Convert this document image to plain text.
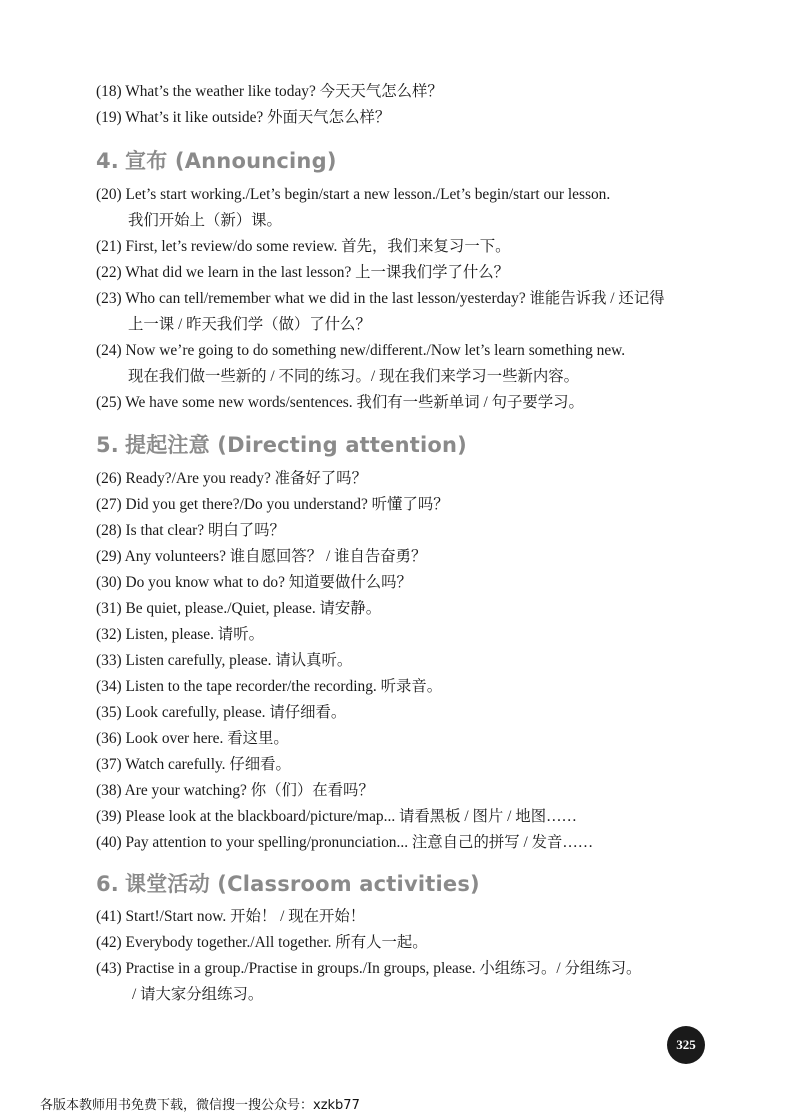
(18) What’s the weather like today? 今天天气怎么样？
(19) What’s it like outside? 外面天气怎么样？
4. 宣布 (Announcing)
(20) Let’s start working./Let’s begin/start a new lesson./Let’s begin/start our lesson.
我们开始上（新）课。
(21) First, let’s review/do some review. 首先，我们来复习一下。
(22) What did we learn in the last lesson? 上一课我们学了什么？
(23) Who can tell/remember what we did in the last lesson/yesterday? 谁能告诉我 / 还记得
上一课 / 昨天我们学（做）了什么？
(24) Now we’re going to do something new/different./Now let’s learn something new.
现在我们做一些新的 / 不同的练习。/ 现在我们来学习一些新内容。
(25) We have some new words/sentences. 我们有一些新单词 / 句子要学习。
5. 提起注意 (Directing attention)
(26) Ready?/Are you ready? 准备好了吗？
(27) Did you get there?/Do you understand? 听懂了吗？
(28) Is that clear? 明白了吗？
(29) Any volunteers? 谁自愿回答？ / 谁自告奋勇？
(30) Do you know what to do? 知道要做什么吗？
(31) Be quiet, please./Quiet, please. 请安静。
(32) Listen, please. 请听。
(33) Listen carefully, please. 请认真听。
(34) Listen to the tape recorder/the recording. 听录音。
(35) Look carefully, please. 请仔细看。
(36) Look over here. 看这里。
(37) Watch carefully. 仔细看。
(38) Are your watching? 你（们）在看吗？
(39) Please look at the blackboard/picture/map... 请看黑板 / 图片 / 地图……
(40) Pay attention to your spelling/pronunciation... 注意自己的拼写 / 发音……
6. 课堂活动 (Classroom activities)
(41) Start!/Start now. 开始！ / 现在开始！
(42) Everybody together./All together. 所有人一起。
(43) Practise in a group./Practise in groups./In groups, please. 小组练习。/ 分组练习。
/ 请大家分组练习。
325
各版本教师用书免费下载，微信搜一搜公众号：xzkb77
